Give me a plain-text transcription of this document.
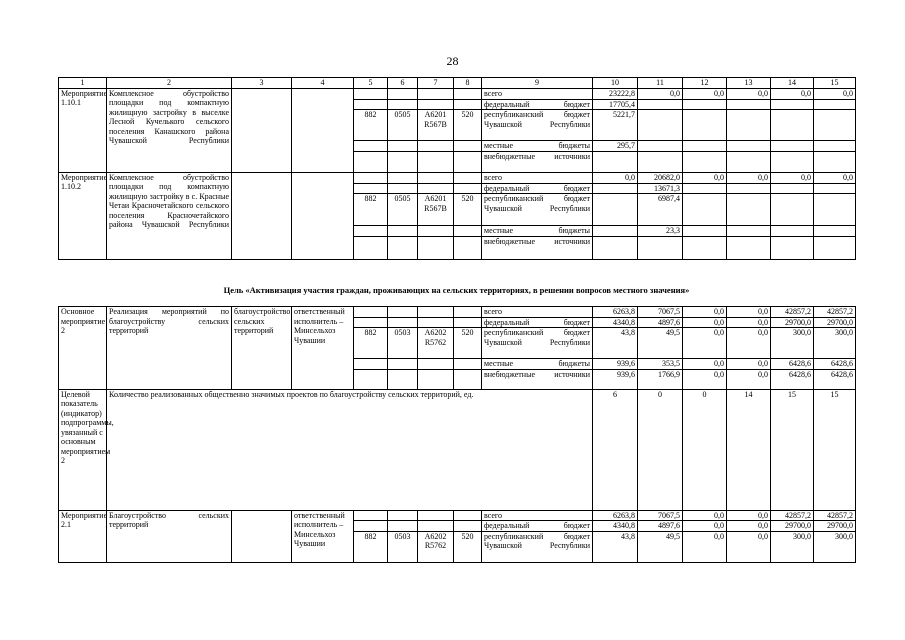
28
1	2	3	4	5	6	7	8	9	10	11	12	13	14	15
Мероприятие 1.10.1	Комплексное обустройство площадки под компактную жилищную застройку в выселке Лесной Кучелького сельского поселения Канашского района Чувашской Республики							всего	23222,8	0,0	0,0	0,0	0,0	0,0
								федеральный бюджет	17705,4					
				882	0505	А6201 R567В	520	республиканский бюджет Чувашской Республики	5221,7					
								местные бюджеты	295,7					
								внебюджетные источники						
Мероприятие 1.10.2	Комплексное обустройство площадки под компактную жилищную застройку в с. Красные Четаи Красночетайского сельского поселения Красночетайского района Чувашской Республики							всего	0,0	20682,0	0,0	0,0	0,0	0,0
								федеральный бюджет		13671,3				
				882	0505	А6201 R567В	520	республиканский бюджет Чувашской Республики		6987,4				
								местные бюджеты		23,3				
								внебюджетные источники						
Цель «Активизация участия граждан, проживающих на сельских территориях, в решении вопросов местного значения»
Основное мероприятие 2	Реализация мероприятий по благоустройству сельских территорий	благоустройство сельских территорий	ответственный исполнитель – Минсельхоз Чувашии					всего	6263,8	7067,5	0,0	0,0	42857,2	42857,2
								федеральный бюджет	4340,8	4897,6	0,0	0,0	29700,0	29700,0
				882	0503	А6202 R5762	520	республиканский бюджет Чувашской Республики	43,8	49,5	0,0	0,0	300,0	300,0
								местные бюджеты	939,6	353,5	0,0	0,0	6428,6	6428,6
								внебюджетные источники	939,6	1766,9	0,0	0,0	6428,6	6428,6
Целевой показатель (индикатор) подпрограммы, увязанный с основным мероприятием 2	Количество реализованных общественно значимых проектов по благоустройству сельских территорий, ед.								6	0	0	14	15	15
Мероприятие 2.1	Благоустройство сельских территорий		ответственный исполнитель – Минсельхоз Чувашии					всего	6263,8	7067,5	0,0	0,0	42857,2	42857,2
								федеральный бюджет	4340,8	4897,6	0,0	0,0	29700,0	29700,0
				882	0503	А6202 R5762	520	республиканский бюджет Чувашской Республики	43,8	49,5	0,0	0,0	300,0	300,0
